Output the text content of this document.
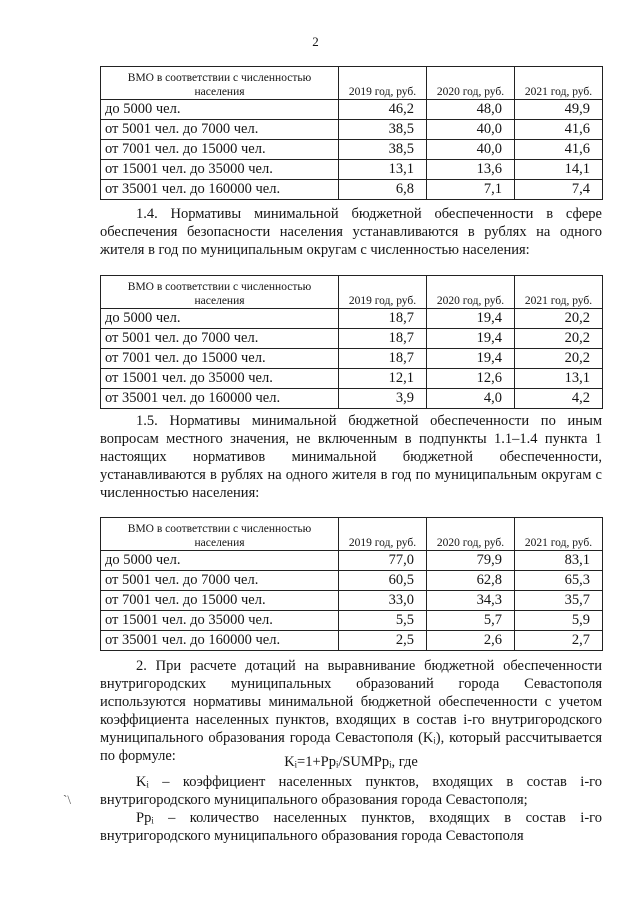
2
ВМО в соответствии с численностью населения	2019 год, руб.	2020 год, руб.	2021 год, руб.
до 5000 чел.	46,2	48,0	49,9
от 5001 чел. до 7000 чел.	38,5	40,0	41,6
от 7001 чел. до 15000 чел.	38,5	40,0	41,6
от 15001 чел. до 35000 чел.	13,1	13,6	14,1
от 35001 чел. до 160000 чел.	6,8	7,1	7,4

1.4. Нормативы минимальной бюджетной обеспеченности в сфере обеспечения безопасности населения устанавливаются в рублях на одного жителя в год по муниципальным округам с численностью населения:

ВМО в соответствии с численностью населения	2019 год, руб.	2020 год, руб.	2021 год, руб.
до 5000 чел.	18,7	19,4	20,2
от 5001 чел. до 7000 чел.	18,7	19,4	20,2
от 7001 чел. до 15000 чел.	18,7	19,4	20,2
от 15001 чел. до 35000 чел.	12,1	12,6	13,1
от 35001 чел. до 160000 чел.	3,9	4,0	4,2

1.5. Нормативы минимальной бюджетной обеспеченности по иным вопросам местного значения, не включенным в подпункты 1.1–1.4 пункта 1 настоящих нормативов минимальной бюджетной обеспеченности, устанавливаются в рублях на одного жителя в год по муниципальным округам с численностью населения:

ВМО в соответствии с численностью населения	2019 год, руб.	2020 год, руб.	2021 год, руб.
до 5000 чел.	77,0	79,9	83,1
от 5001 чел. до 7000 чел.	60,5	62,8	65,3
от 7001 чел. до 15000 чел.	33,0	34,3	35,7
от 15001 чел. до 35000 чел.	5,5	5,7	5,9
от 35001 чел. до 160000 чел.	2,5	2,6	2,7

2. При расчете дотаций на выравнивание бюджетной обеспеченности внутригородских муниципальных образований города Севастополя используются нормативы минимальной бюджетной обеспеченности с учетом коэффициента населенных пунктов, входящих в состав i-го внутригородского муниципального образования города Севастополя (Kᵢ), который рассчитывается по формуле:	Kᵢ=1+Ppᵢ/SUMPpᵢ, где

Kᵢ – коэффициент населенных пунктов, входящих в состав i-го внутригородского муниципального образования города Севастополя;

Ppᵢ – количество населенных пунктов, входящих в состав i-го внутригородского муниципального образования города Севастополя

`\
